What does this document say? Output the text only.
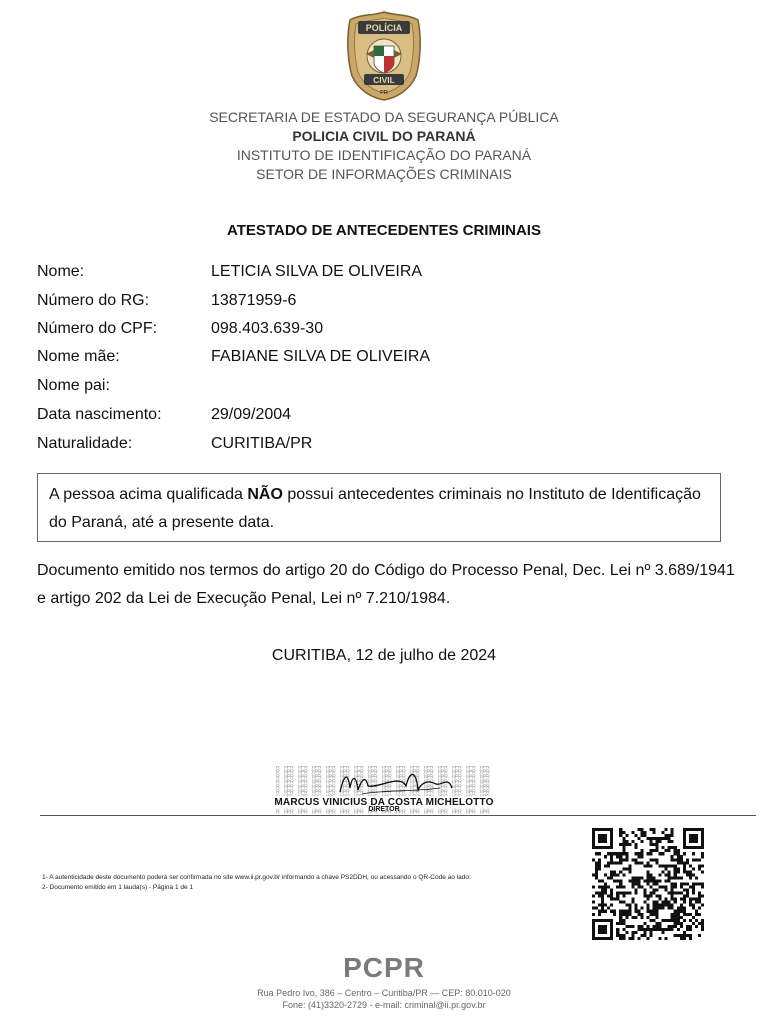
POLÍCIA
CIVIL
PR
SECRETARIA DE ESTADO DA SEGURANÇA PÚBLICA
POLICIA CIVIL DO PARANÁ
INSTITUTO DE IDENTIFICAÇÃO DO PARANÁ
SETOR DE INFORMAÇÕES CRIMINAIS
ATESTADO DE ANTECEDENTES CRIMINAIS
Nome:	LETICIA SILVA DE OLIVEIRA
Número do RG:	13871959-6
Número do CPF:	098.403.639-30
Nome mãe:	FABIANE SILVA DE OLIVEIRA
Nome pai:
Data nascimento:	29/09/2004
Naturalidade:	CURITIBA/PR
A pessoa acima qualificada NÃO possui antecedentes criminais no Instituto de Identificação do Paraná, até a presente data.
Documento emitido nos termos do artigo 20 do Código do Processo Penal, Dec. Lei nº 3.689/1941 e artigo 202 da Lei de Execução Penal, Lei nº 7.210/1984.
CURITIBA, 12 de julho de 2024
MARCUS VINICIUS DA COSTA MICHELOTTO
DIRETOR
1- A autenticidade deste documento poderá ser confirmada no site www.ii.pr.gov.br informando a chave PS2DDH, ou acessando o QR-Code ao lado:
2- Documento emitido em 1 lauda(s) - Página 1 de 1
PCPR
Rua Pedro Ivo, 386 – Centro – Curitiba/PR — CEP: 80.010-020
Fone: (41)3320-2729 - e-mail: criminal@ii.pr.gov.br
